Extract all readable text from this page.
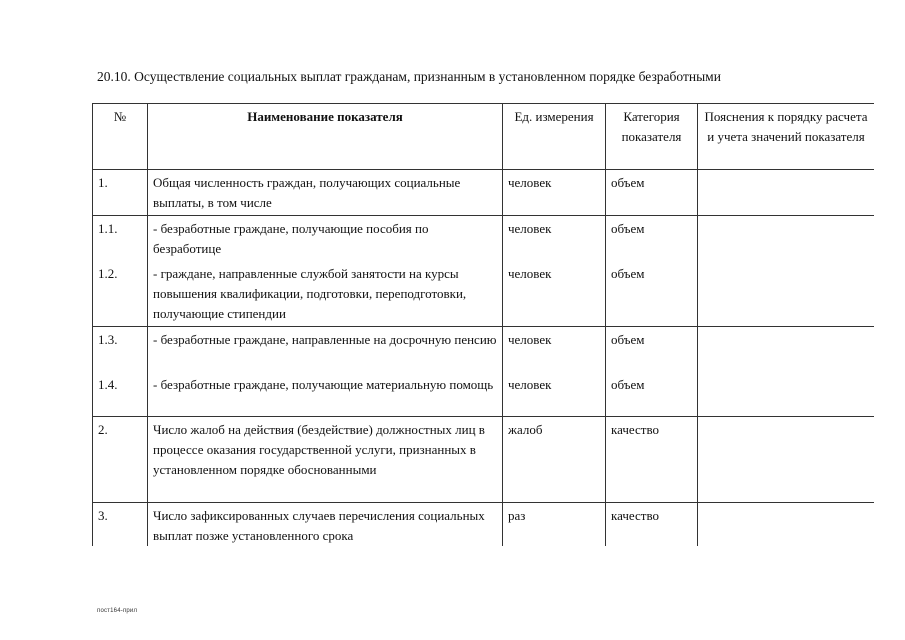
20.10. Осуществление социальных выплат гражданам, признанным в установленном порядке безработными
№	Наименование показателя	Ед. измерения	Категория показателя	Пояснения к порядку расчета и учета значений показателя
1.	Общая численность граждан, получающих социальные выплаты, в том числе	человек	объем	
1.1.	- безработные граждане, получающие пособия по безработице	человек	объем	
1.2.	- граждане, направленные службой занятости на курсы повышения квалификации, подготовки, переподготовки, получающие стипендии	человек	объем	
1.3.	- безработные граждане, направленные на досрочную пенсию	человек	объем	
1.4.	- безработные граждане, получающие материальную помощь	человек	объем	
2.	Число жалоб на действия (бездействие) должностных лиц в процессе оказания государственной услуги, признанных в установленном порядке обоснованными	жалоб	качество	
3.	Число зафиксированных случаев перечисления социальных выплат позже установленного срока	раз	качество	
пост164-прил
